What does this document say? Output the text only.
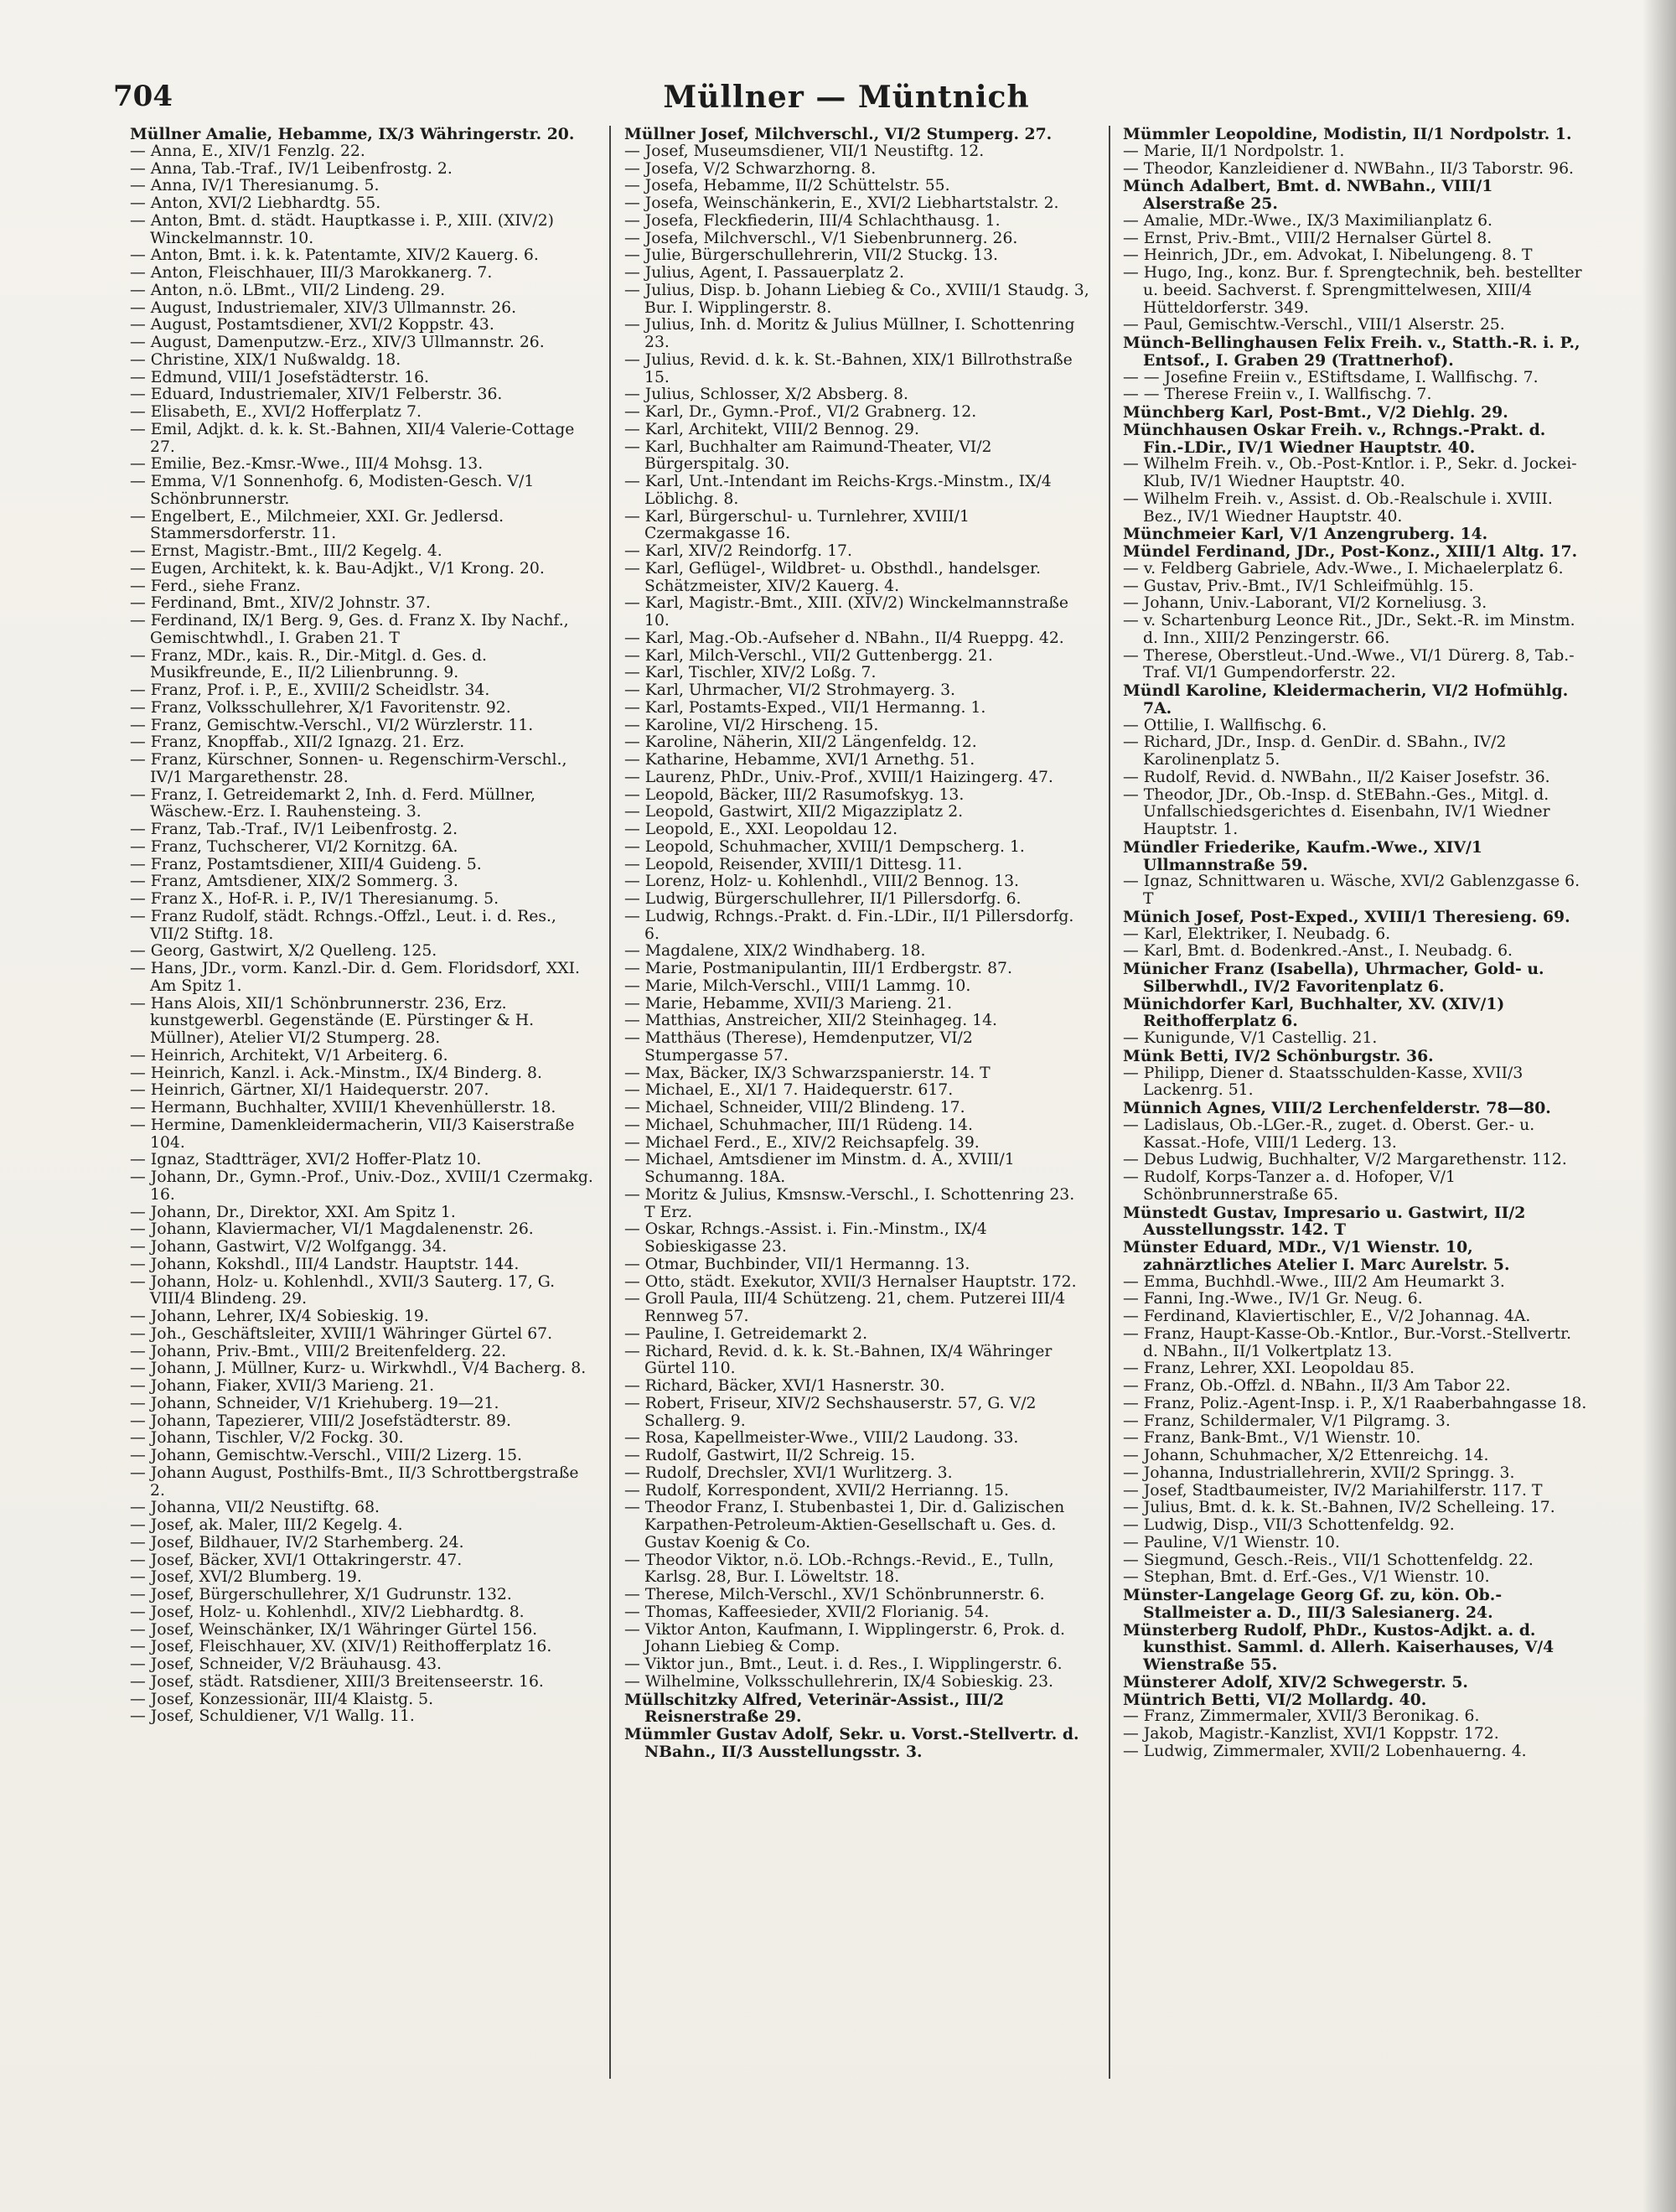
704	Müllner — Müntnich

Müllner Amalie, Hebamme, IX/3 Währingerstr. 20.

— Anna, E., XIV/1 Fenzlg. 22.

— Anna, Tab.-Traf., IV/1 Leibenfrostg. 2.

— Anna, IV/1 Theresianumg. 5.

— Anton, XVI/2 Liebhardtg. 55.

— Anton, Bmt. d. städt. Hauptkasse i. P., XIII. (XIV/2) Winckelmannstr. 10.

— Anton, Bmt. i. k. k. Patentamte, XIV/2 Kauerg. 6.

— Anton, Fleischhauer, III/3 Marokkanerg. 7.

— Anton, n.ö. LBmt., VII/2 Lindeng. 29.

— August, Industriemaler, XIV/3 Ullmannstr. 26.

— August, Postamtsdiener, XVI/2 Koppstr. 43.

— August, Damenputzw.-Erz., XIV/3 Ullmannstr. 26.

— Christine, XIX/1 Nußwaldg. 18.

— Edmund, VIII/1 Josefstädterstr. 16.

— Eduard, Industriemaler, XIV/1 Felberstr. 36.

— Elisabeth, E., XVI/2 Hofferplatz 7.

— Emil, Adjkt. d. k. k. St.-Bahnen, XII/4 Valerie-Cottage 27.

— Emilie, Bez.-Kmsr.-Wwe., III/4 Mohsg. 13.

— Emma, V/1 Sonnenhofg. 6, Modisten-Gesch. V/1 Schönbrunnerstr.

— Engelbert, E., Milchmeier, XXI. Gr. Jedlersd. Stammersdorferstr. 11.

— Ernst, Magistr.-Bmt., III/2 Kegelg. 4.

— Eugen, Architekt, k. k. Bau-Adjkt., V/1 Krong. 20.

— Ferd., siehe Franz.

— Ferdinand, Bmt., XIV/2 Johnstr. 37.

— Ferdinand, IX/1 Berg. 9, Ges. d. Franz X. Iby Nachf., Gemischtwhdl., I. Graben 21. T

— Franz, MDr., kais. R., Dir.-Mitgl. d. Ges. d. Musikfreunde, E., II/2 Lilienbrunng. 9.

— Franz, Prof. i. P., E., XVIII/2 Scheidlstr. 34.

— Franz, Volksschullehrer, X/1 Favoritenstr. 92.

— Franz, Gemischtw.-Verschl., VI/2 Würzlerstr. 11.

— Franz, Knopffab., XII/2 Ignazg. 21. Erz.

— Franz, Kürschner, Sonnen- u. Regenschirm-Verschl., IV/1 Margarethenstr. 28.

— Franz, I. Getreidemarkt 2, Inh. d. Ferd. Müllner, Wäschew.-Erz. I. Rauhensteing. 3.

— Franz, Tab.-Traf., IV/1 Leibenfrostg. 2.

— Franz, Tuchscherer, VI/2 Kornitzg. 6A.

— Franz, Postamtsdiener, XIII/4 Guideng. 5.

— Franz, Amtsdiener, XIX/2 Sommerg. 3.

— Franz X., Hof-R. i. P., IV/1 Theresianumg. 5.

— Franz Rudolf, städt. Rchngs.-Offzl., Leut. i. d. Res., VII/2 Stiftg. 18.

— Georg, Gastwirt, X/2 Quelleng. 125.

— Hans, JDr., vorm. Kanzl.-Dir. d. Gem. Floridsdorf, XXI. Am Spitz 1.

— Hans Alois, XII/1 Schönbrunnerstr. 236, Erz. kunstgewerbl. Gegenstände (E. Pürstinger & H. Müllner), Atelier VI/2 Stumperg. 28.

— Heinrich, Architekt, V/1 Arbeiterg. 6.

— Heinrich, Kanzl. i. Ack.-Minstm., IX/4 Binderg. 8.

— Heinrich, Gärtner, XI/1 Haidequerstr. 207.

— Hermann, Buchhalter, XVIII/1 Khevenhüllerstr. 18.

— Hermine, Damenkleidermacherin, VII/3 Kaiserstraße 104.

— Ignaz, Stadtträger, XVI/2 Hoffer-Platz 10.

— Johann, Dr., Gymn.-Prof., Univ.-Doz., XVIII/1 Czermakg. 16.

— Johann, Dr., Direktor, XXI. Am Spitz 1.

— Johann, Klaviermacher, VI/1 Magdalenenstr. 26.

— Johann, Gastwirt, V/2 Wolfgangg. 34.

— Johann, Kokshdl., III/4 Landstr. Hauptstr. 144.

— Johann, Holz- u. Kohlenhdl., XVII/3 Sauterg. 17, G. VIII/4 Blindeng. 29.

— Johann, Lehrer, IX/4 Sobieskig. 19.

— Joh., Geschäftsleiter, XVIII/1 Währinger Gürtel 67.

— Johann, Priv.-Bmt., VIII/2 Breitenfelderg. 22.

— Johann, J. Müllner, Kurz- u. Wirkwhdl., V/4 Bacherg. 8.

— Johann, Fiaker, XVII/3 Marieng. 21.

— Johann, Schneider, V/1 Kriehuberg. 19—21.

— Johann, Tapezierer, VIII/2 Josefstädterstr. 89.

— Johann, Tischler, V/2 Fockg. 30.

— Johann, Gemischtw.-Verschl., VIII/2 Lizerg. 15.

— Johann August, Posthilfs-Bmt., II/3 Schrottbergstraße 2.

— Johanna, VII/2 Neustiftg. 68.

— Josef, ak. Maler, III/2 Kegelg. 4.

— Josef, Bildhauer, IV/2 Starhemberg. 24.

— Josef, Bäcker, XVI/1 Ottakringerstr. 47.

— Josef, XVI/2 Blumberg. 19.

— Josef, Bürgerschullehrer, X/1 Gudrunstr. 132.

— Josef, Holz- u. Kohlenhdl., XIV/2 Liebhardtg. 8.

— Josef, Weinschänker, IX/1 Währinger Gürtel 156.

— Josef, Fleischhauer, XV. (XIV/1) Reithofferplatz 16.

— Josef, Schneider, V/2 Bräuhausg. 43.

— Josef, städt. Ratsdiener, XIII/3 Breitenseerstr. 16.

— Josef, Konzessionär, III/4 Klaistg. 5.

— Josef, Schuldiener, V/1 Wallg. 11.

Müllner Josef, Milchverschl., VI/2 Stumperg. 27.

— Josef, Museumsdiener, VII/1 Neustiftg. 12.

— Josefa, V/2 Schwarzhorng. 8.

— Josefa, Hebamme, II/2 Schüttelstr. 55.

— Josefa, Weinschänkerin, E., XVI/2 Liebhartstalstr. 2.

— Josefa, Fleckfiederin, III/4 Schlachthausg. 1.

— Josefa, Milchverschl., V/1 Siebenbrunnerg. 26.

— Julie, Bürgerschullehrerin, VII/2 Stuckg. 13.

— Julius, Agent, I. Passauerplatz 2.

— Julius, Disp. b. Johann Liebieg & Co., XVIII/1 Staudg. 3, Bur. I. Wipplingerstr. 8.

— Julius, Inh. d. Moritz & Julius Müllner, I. Schottenring 23.

— Julius, Revid. d. k. k. St.-Bahnen, XIX/1 Billrothstraße 15.

— Julius, Schlosser, X/2 Absberg. 8.

— Karl, Dr., Gymn.-Prof., VI/2 Grabnerg. 12.

— Karl, Architekt, VIII/2 Bennog. 29.

— Karl, Buchhalter am Raimund-Theater, VI/2 Bürgerspitalg. 30.

— Karl, Unt.-Intendant im Reichs-Krgs.-Minstm., IX/4 Löblichg. 8.

— Karl, Bürgerschul- u. Turnlehrer, XVIII/1 Czermakgasse 16.

— Karl, XIV/2 Reindorfg. 17.

— Karl, Geflügel-, Wildbret- u. Obsthdl., handelsger. Schätzmeister, XIV/2 Kauerg. 4.

— Karl, Magistr.-Bmt., XIII. (XIV/2) Winckelmannstraße 10.

— Karl, Mag.-Ob.-Aufseher d. NBahn., II/4 Rueppg. 42.

— Karl, Milch-Verschl., VII/2 Guttenbergg. 21.

— Karl, Tischler, XIV/2 Loßg. 7.

— Karl, Uhrmacher, VI/2 Strohmayerg. 3.

— Karl, Postamts-Exped., VII/1 Hermanng. 1.

— Karoline, VI/2 Hirscheng. 15.

— Karoline, Näherin, XII/2 Längenfeldg. 12.

— Katharine, Hebamme, XVI/1 Arnethg. 51.

— Laurenz, PhDr., Univ.-Prof., XVIII/1 Haizingerg. 47.

— Leopold, Bäcker, III/2 Rasumofskyg. 13.

— Leopold, Gastwirt, XII/2 Migazziplatz 2.

— Leopold, E., XXI. Leopoldau 12.

— Leopold, Schuhmacher, XVIII/1 Dempscherg. 1.

— Leopold, Reisender, XVIII/1 Dittesg. 11.

— Lorenz, Holz- u. Kohlenhdl., VIII/2 Bennog. 13.

— Ludwig, Bürgerschullehrer, II/1 Pillersdorfg. 6.

— Ludwig, Rchngs.-Prakt. d. Fin.-LDir., II/1 Pillersdorfg. 6.

— Magdalene, XIX/2 Windhaberg. 18.

— Marie, Postmanipulantin, III/1 Erdbergstr. 87.

— Marie, Milch-Verschl., VIII/1 Lammg. 10.

— Marie, Hebamme, XVII/3 Marieng. 21.

— Matthias, Anstreicher, XII/2 Steinhageg. 14.

— Matthäus (Therese), Hemdenputzer, VI/2 Stumpergasse 57.

— Max, Bäcker, IX/3 Schwarzspanierstr. 14. T

— Michael, E., XI/1 7. Haidequerstr. 617.

— Michael, Schneider, VIII/2 Blindeng. 17.

— Michael, Schuhmacher, III/1 Rüdeng. 14.

— Michael Ferd., E., XIV/2 Reichsapfelg. 39.

— Michael, Amtsdiener im Minstm. d. A., XVIII/1 Schumanng. 18A.

— Moritz & Julius, Kmsnsw.-Verschl., I. Schottenring 23. T Erz.

— Oskar, Rchngs.-Assist. i. Fin.-Minstm., IX/4 Sobieskigasse 23.

— Otmar, Buchbinder, VII/1 Hermanng. 13.

— Otto, städt. Exekutor, XVII/3 Hernalser Hauptstr. 172.

— Groll Paula, III/4 Schützeng. 21, chem. Putzerei III/4 Rennweg 57.

— Pauline, I. Getreidemarkt 2.

— Richard, Revid. d. k. k. St.-Bahnen, IX/4 Währinger Gürtel 110.

— Richard, Bäcker, XVI/1 Hasnerstr. 30.

— Robert, Friseur, XIV/2 Sechshauserstr. 57, G. V/2 Schallerg. 9.

— Rosa, Kapellmeister-Wwe., VIII/2 Laudong. 33.

— Rudolf, Gastwirt, II/2 Schreig. 15.

— Rudolf, Drechsler, XVI/1 Wurlitzerg. 3.

— Rudolf, Korrespondent, XVII/2 Herrianng. 15.

— Theodor Franz, I. Stubenbastei 1, Dir. d. Galizischen Karpathen-Petroleum-Aktien-Gesellschaft u. Ges. d. Gustav Koenig & Co.

— Theodor Viktor, n.ö. LOb.-Rchngs.-Revid., E., Tulln, Karlsg. 28, Bur. I. Löweltstr. 18.

— Therese, Milch-Verschl., XV/1 Schönbrunnerstr. 6.

— Thomas, Kaffeesieder, XVII/2 Florianig. 54.

— Viktor Anton, Kaufmann, I. Wipplingerstr. 6, Prok. d. Johann Liebieg & Comp.

— Viktor jun., Bmt., Leut. i. d. Res., I. Wipplingerstr. 6.

— Wilhelmine, Volksschullehrerin, IX/4 Sobieskig. 23.

Müllschitzky Alfred, Veterinär-Assist., III/2 Reisnerstraße 29.

Mümmler Gustav Adolf, Sekr. u. Vorst.-Stellvertr. d. NBahn., II/3 Ausstellungsstr. 3.

Mümmler Leopoldine, Modistin, II/1 Nordpolstr. 1.

— Marie, II/1 Nordpolstr. 1.

— Theodor, Kanzleidiener d. NWBahn., II/3 Taborstr. 96.

Münch Adalbert, Bmt. d. NWBahn., VIII/1 Alserstraße 25.

— Amalie, MDr.-Wwe., IX/3 Maximilianplatz 6.

— Ernst, Priv.-Bmt., VIII/2 Hernalser Gürtel 8.

— Heinrich, JDr., em. Advokat, I. Nibelungeng. 8. T

— Hugo, Ing., konz. Bur. f. Sprengtechnik, beh. bestellter u. beeid. Sachverst. f. Sprengmittelwesen, XIII/4 Hütteldorferstr. 349.

— Paul, Gemischtw.-Verschl., VIII/1 Alserstr. 25.

Münch-Bellinghausen Felix Freih. v., Statth.-R. i. P., Entsof., I. Graben 29 (Trattnerhof).

— — Josefine Freiin v., EStiftsdame, I. Wallfischg. 7.

— — Therese Freiin v., I. Wallfischg. 7.

Münchberg Karl, Post-Bmt., V/2 Diehlg. 29.

Münchhausen Oskar Freih. v., Rchngs.-Prakt. d. Fin.-LDir., IV/1 Wiedner Hauptstr. 40.

— Wilhelm Freih. v., Ob.-Post-Kntlor. i. P., Sekr. d. Jockei-Klub, IV/1 Wiedner Hauptstr. 40.

— Wilhelm Freih. v., Assist. d. Ob.-Realschule i. XVIII. Bez., IV/1 Wiedner Hauptstr. 40.

Münchmeier Karl, V/1 Anzengruberg. 14.

Mündel Ferdinand, JDr., Post-Konz., XIII/1 Altg. 17.

— v. Feldberg Gabriele, Adv.-Wwe., I. Michaelerplatz 6.

— Gustav, Priv.-Bmt., IV/1 Schleifmühlg. 15.

— Johann, Univ.-Laborant, VI/2 Korneliusg. 3.

— v. Schartenburg Leonce Rit., JDr., Sekt.-R. im Minstm. d. Inn., XIII/2 Penzingerstr. 66.

— Therese, Oberstleut.-Und.-Wwe., VI/1 Dürerg. 8, Tab.-Traf. VI/1 Gumpendorferstr. 22.

Mündl Karoline, Kleidermacherin, VI/2 Hofmühlg. 7A.

— Ottilie, I. Wallfischg. 6.

— Richard, JDr., Insp. d. GenDir. d. SBahn., IV/2 Karolinenplatz 5.

— Rudolf, Revid. d. NWBahn., II/2 Kaiser Josefstr. 36.

— Theodor, JDr., Ob.-Insp. d. StEBahn.-Ges., Mitgl. d. Unfallschiedsgerichtes d. Eisenbahn, IV/1 Wiedner Hauptstr. 1.

Mündler Friederike, Kaufm.-Wwe., XIV/1 Ullmannstraße 59.

— Ignaz, Schnittwaren u. Wäsche, XVI/2 Gablenzgasse 6. T

Münich Josef, Post-Exped., XVIII/1 Theresieng. 69.

— Karl, Elektriker, I. Neubadg. 6.

— Karl, Bmt. d. Bodenkred.-Anst., I. Neubadg. 6.

Münicher Franz (Isabella), Uhrmacher, Gold- u. Silberwhdl., IV/2 Favoritenplatz 6.

Münichdorfer Karl, Buchhalter, XV. (XIV/1) Reithofferplatz 6.

— Kunigunde, V/1 Castellig. 21.

Münk Betti, IV/2 Schönburgstr. 36.

— Philipp, Diener d. Staatsschulden-Kasse, XVII/3 Lackenrg. 51.

Münnich Agnes, VIII/2 Lerchenfelderstr. 78—80.

— Ladislaus, Ob.-LGer.-R., zuget. d. Oberst. Ger.- u. Kassat.-Hofe, VIII/1 Lederg. 13.

— Debus Ludwig, Buchhalter, V/2 Margarethenstr. 112.

— Rudolf, Korps-Tanzer a. d. Hofoper, V/1 Schönbrunnerstraße 65.

Münstedt Gustav, Impresario u. Gastwirt, II/2 Ausstellungsstr. 142. T

Münster Eduard, MDr., V/1 Wienstr. 10, zahnärztliches Atelier I. Marc Aurelstr. 5.

— Emma, Buchhdl.-Wwe., III/2 Am Heumarkt 3.

— Fanni, Ing.-Wwe., IV/1 Gr. Neug. 6.

— Ferdinand, Klaviertischler, E., V/2 Johannag. 4A.

— Franz, Haupt-Kasse-Ob.-Kntlor., Bur.-Vorst.-Stellvertr. d. NBahn., II/1 Volkertplatz 13.

— Franz, Lehrer, XXI. Leopoldau 85.

— Franz, Ob.-Offzl. d. NBahn., II/3 Am Tabor 22.

— Franz, Poliz.-Agent-Insp. i. P., X/1 Raaberbahngasse 18.

— Franz, Schildermaler, V/1 Pilgramg. 3.

— Franz, Bank-Bmt., V/1 Wienstr. 10.

— Johann, Schuhmacher, X/2 Ettenreichg. 14.

— Johanna, Industriallehrerin, XVII/2 Springg. 3.

— Josef, Stadtbaumeister, IV/2 Mariahilferstr. 117. T

— Julius, Bmt. d. k. k. St.-Bahnen, IV/2 Schelleing. 17.

— Ludwig, Disp., VII/3 Schottenfeldg. 92.

— Pauline, V/1 Wienstr. 10.

— Siegmund, Gesch.-Reis., VII/1 Schottenfeldg. 22.

— Stephan, Bmt. d. Erf.-Ges., V/1 Wienstr. 10.

Münster-Langelage Georg Gf. zu, kön. Ob.-Stallmeister a. D., III/3 Salesianerg. 24.

Münsterberg Rudolf, PhDr., Kustos-Adjkt. a. d. kunsthist. Samml. d. Allerh. Kaiserhauses, V/4 Wienstraße 55.

Münsterer Adolf, XIV/2 Schwegerstr. 5.

Müntrich Betti, VI/2 Mollardg. 40.

— Franz, Zimmermaler, XVII/3 Beronikag. 6.

— Jakob, Magistr.-Kanzlist, XVI/1 Koppstr. 172.

— Ludwig, Zimmermaler, XVII/2 Lobenhauerng. 4.
